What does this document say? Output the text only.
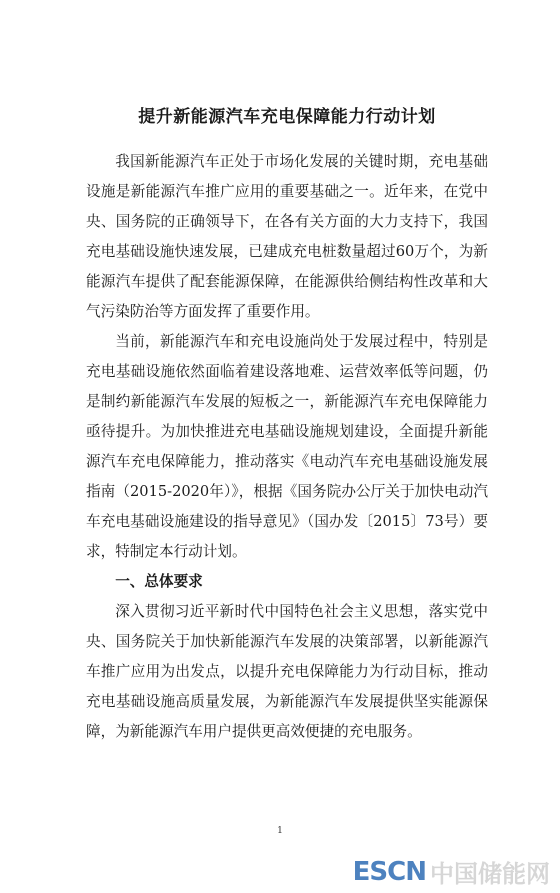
提升新能源汽车充电保障能力行动计划

我国新能源汽车正处于市场化发展的关键时期，充电基础设施是新能源汽车推广应用的重要基础之一。近年来，在党中央、国务院的正确领导下，在各有关方面的大力支持下，我国充电基础设施快速发展，已建成充电桩数量超过60万个，为新能源汽车提供了配套能源保障，在能源供给侧结构性改革和大气污染防治等方面发挥了重要作用。

当前，新能源汽车和充电设施尚处于发展过程中，特别是充电基础设施依然面临着建设落地难、运营效率低等问题，仍是制约新能源汽车发展的短板之一，新能源汽车充电保障能力亟待提升。为加快推进充电基础设施规划建设，全面提升新能源汽车充电保障能力，推动落实《电动汽车充电基础设施发展指南（2015-2020年）》，根据《国务院办公厅关于加快电动汽车充电基础设施建设的指导意见》（国办发〔2015〕73号）要求，特制定本行动计划。

一、总体要求

深入贯彻习近平新时代中国特色社会主义思想，落实党中央、国务院关于加快新能源汽车发展的决策部署，以新能源汽车推广应用为出发点，以提升充电保障能力为行动目标，推动充电基础设施高质量发展，为新能源汽车发展提供坚实能源保障，为新能源汽车用户提供更高效便捷的充电服务。

1
ESCN 中国储能网
